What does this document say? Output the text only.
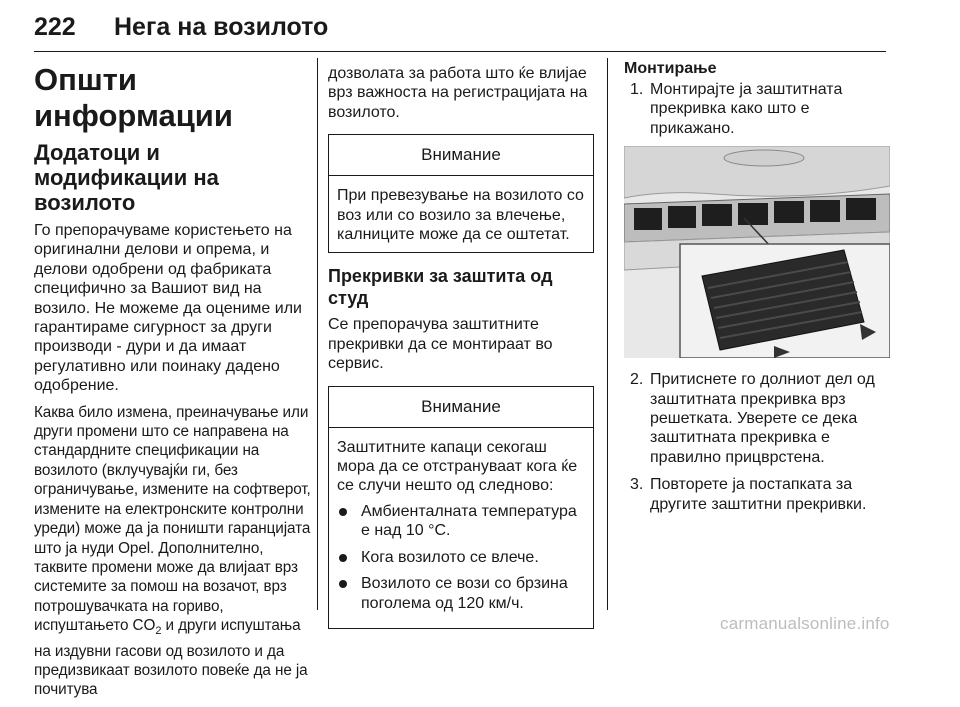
222 Нега на возилото
Општи информации
Додатоци и модификации на возилото

Го препорачуваме користењето на оригинални делови и опрема, и делови одобрени од фабриката специфично за Вашиот вид на возило. Не можеме да оцениме или гарантираме сигурност за други производи - дури и да имаат регулативно или поинаку дадено одобрение.

Каква било измена, преиначување или други промени што се направена на стандардните спецификации на возилото (вклучувајќи ги, без ограничување, измените на софтверот, измените на електронските контролни уреди) може да ја поништи гаранцијата што ја нуди Opel. Дополнително, таквите промени може да влијаат врз системите за помош на возачот, врз потрошувачката на гориво, испуштањето $CO_2$ и други испуштања на издувни гасови од возилото и да предизвикаат возилото повеќе да не ја почитува

дозволата за работа што ќе влијае врз важноста на регистрацијата на возилото.

Внимание
При превезување на возилото со воз или со возило за влечење, калниците може да се оштетат.
Прекривки за заштита од студ

Се препорачува заштитните прекривки да се монтираат во сервис.

Внимание
Заштитните капаци секогаш мора да се отстрануваат кога ќе се случи нешто од следново:
Амбиенталната температура е над 10 °C.
Кога возилото се влече.
Возилото се вози со брзина поголема од 120 км/ч.
Монтирање
1. Монтирајте ја заштитната прекривка како што е прикажано.
2. Притиснете го долниот дел од заштитната прекривка врз решетката. Уверете се дека заштитната прекривка е правилно прицврстена.
3. Повторете ја постапката за другите заштитни прекривки.
carmanualsonline.info
